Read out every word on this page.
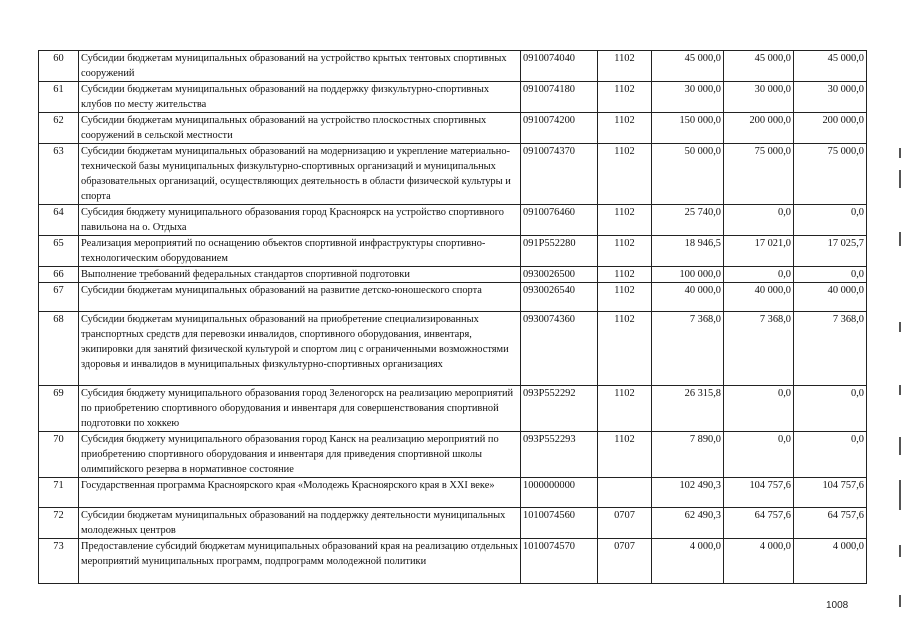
60	Субсидии бюджетам муниципальных образований на устройство крытых тентовых спортивных сооружений	0910074040	1102	45 000,0	45 000,0	45 000,0
61	Субсидии бюджетам муниципальных образований на поддержку физкультурно-спортивных клубов по месту жительства	0910074180	1102	30 000,0	30 000,0	30 000,0
62	Субсидии бюджетам муниципальных образований на устройство плоскостных спортивных сооружений в сельской местности	0910074200	1102	150 000,0	200 000,0	200 000,0
63	Субсидии бюджетам муниципальных образований на модернизацию и укрепление материально-технической базы муниципальных физкультурно-спортивных организаций и муниципальных образовательных организаций, осуществляющих деятельность в области физической культуры и спорта	0910074370	1102	50 000,0	75 000,0	75 000,0
64	Субсидия бюджету муниципального образования город Красноярск на устройство спортивного павильона на о. Отдыха	0910076460	1102	25 740,0	0,0	0,0
65	Реализация мероприятий по оснащению объектов спортивной инфраструктуры спортивно-технологическим оборудованием	091P552280	1102	18 946,5	17 021,0	17 025,7
66	Выполнение требований федеральных стандартов спортивной подготовки	0930026500	1102	100 000,0	0,0	0,0
67	Субсидии бюджетам муниципальных образований на развитие детско-юношеского спорта	0930026540	1102	40 000,0	40 000,0	40 000,0
68	Субсидии бюджетам муниципальных образований на приобретение специализированных транспортных средств для перевозки инвалидов, спортивного оборудования, инвентаря, экипировки для занятий физической культурой и спортом лиц с ограниченными возможностями здоровья и инвалидов в муниципальных физкультурно-спортивных организациях	0930074360	1102	7 368,0	7 368,0	7 368,0
69	Субсидия бюджету муниципального образования город Зеленогорск на реализацию мероприятий по приобретению спортивного оборудования и инвентаря для совершенствования спортивной подготовки по хоккею	093P552292	1102	26 315,8	0,0	0,0
70	Субсидия бюджету муниципального образования город Канск на реализацию мероприятий по приобретению спортивного оборудования и инвентаря для приведения спортивной школы олимпийского резерва в нормативное состояние	093P552293	1102	7 890,0	0,0	0,0
71	Государственная программа Красноярского края «Молодежь Красноярского края в XXI веке»	1000000000		102 490,3	104 757,6	104 757,6
72	Субсидии бюджетам муниципальных образований на поддержку деятельности муниципальных молодежных центров	1010074560	0707	62 490,3	64 757,6	64 757,6
73	Предоставление субсидий бюджетам муниципальных образований края на реализацию отдельных мероприятий муниципальных программ, подпрограмм молодежной политики	1010074570	0707	4 000,0	4 000,0	4 000,0
1008
